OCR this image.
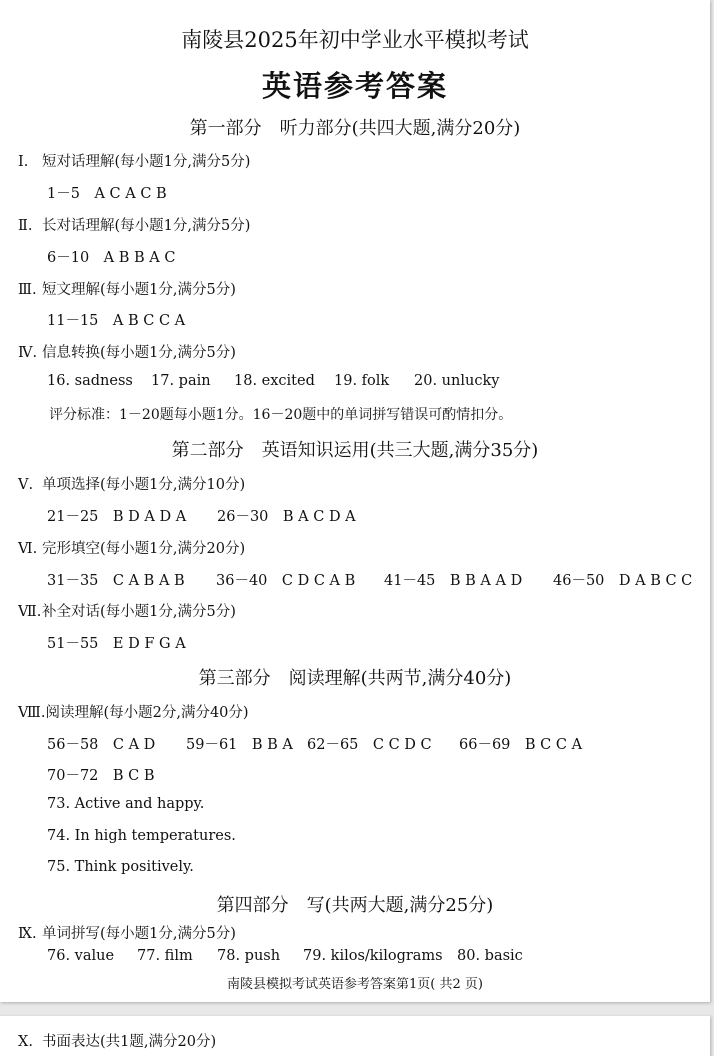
南陵县2025年初中学业水平模拟考试
英语参考答案
第一部分　听力部分(共四大题,满分20分)
Ⅰ. 短对话理解(每小题1分,满分5分)
1－5　A C A C B
Ⅱ. 长对话理解(每小题1分,满分5分)
6－10　A B B A C
Ⅲ. 短文理解(每小题1分,满分5分)
11－15　A B C C A
Ⅳ. 信息转换(每小题1分,满分5分)
16. sadness 17. pain 18. excited 19. folk 20. unlucky
评分标准：1－20题每小题1分。16－20题中的单词拼写错误可酌情扣分。
第二部分　英语知识运用(共三大题,满分35分)
Ⅴ. 单项选择(每小题1分,满分10分)
21－25　B D A D A 26－30　B A C D A
Ⅵ. 完形填空(每小题1分,满分20分)
31－35　C A B A B 36－40　C D C A B 41－45　B B A A D 46－50　D A B C C
Ⅶ.补全对话(每小题1分,满分5分)
51－55　E D F G A
第三部分　阅读理解(共两节,满分40分)
Ⅷ.阅读理解(每小题2分,满分40分)
56－58　C A D 59－61　B B A 62－65　C C D C 66－69　B C C A
70－72　B C B
73. Active and happy.
74. In high temperatures.
75. Think positively.
第四部分　写(共两大题,满分25分)
Ⅸ. 单词拼写(每小题1分,满分5分)
76. value 77. film 78. push 79. kilos/kilograms 80. basic
南陵县模拟考试英语参考答案第1页( 共2 页)
Ⅹ. 书面表达(共1题,满分20分)
